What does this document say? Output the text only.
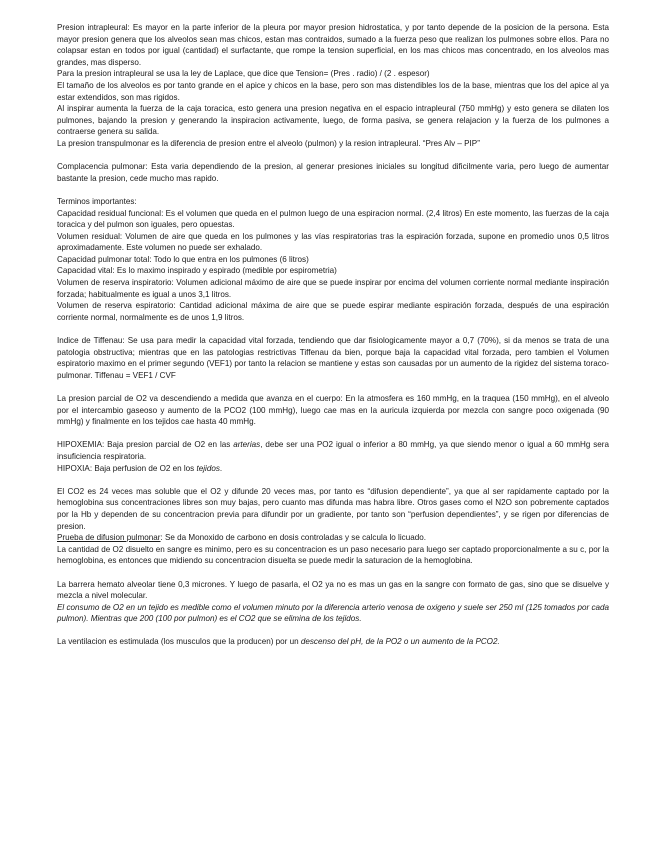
Presion intrapleural: Es mayor en la parte inferior de la pleura por mayor presion hidrostatica, y por tanto depende de la posicion de la persona. Esta mayor presion genera que los alveolos sean mas chicos, estan mas contraidos, sumado a la fuerza peso que realizan los pulmones sobre ellos. Para no colapsar estan en todos por igual (cantidad) el surfactante, que rompe la tension superficial, en los mas chicos mas concentrado, en los alveolos mas grandes, mas disperso.

Para la presion intrapleural se usa la ley de Laplace, que dice que Tension= (Pres . radio) / (2 . espesor)

El tamaño de los alveolos es por tanto grande en el apice y chicos en la base, pero son mas distendibles los de la base, mientras que los del apice al ya estar extendidos, son mas rigidos.

Al inspirar aumenta la fuerza de la caja toracica, esto genera una presion negativa en el espacio intrapleural (750 mmHg) y esto genera se dilaten los pulmones, bajando la presion y generando la inspiracion activamente, luego, de forma pasiva, se genera relajacion y la fuerza de los pulmones a contraerse genera su salida.

La presion transpulmonar es la diferencia de presion entre el alveolo (pulmon) y la resion intrapleural. “Pres Alv – PIP”

Complacencia pulmonar: Esta varia dependiendo de la presion, al generar presiones iniciales su longitud dificilmente varia, pero luego de aumentar bastante la presion, cede mucho mas rapido.

Terminos importantes:

Capacidad residual funcional: Es el volumen que queda en el pulmon luego de una espiracion normal. (2,4 litros) En este momento, las fuerzas de la caja toracica y del pulmon son iguales, pero opuestas.

Volumen residual: Volumen de aire que queda en los pulmones y las vías respiratorias tras la espiración forzada, supone en promedio unos 0,5 litros aproximadamente. Este volumen no puede ser exhalado.

Capacidad pulmonar total: Todo lo que entra en los pulmones (6 litros)

Capacidad vital: Es lo maximo inspirado y espirado (medible por espirometria)

Volumen de reserva inspiratorio: Volumen adicional máximo de aire que se puede inspirar por encima del volumen corriente normal mediante inspiración forzada; habitualmente es igual a unos 3,1 litros.

Volumen de reserva espiratorio: Cantidad adicional máxima de aire que se puede espirar mediante espiración forzada, después de una espiración corriente normal, normalmente es de unos 1,9 litros.

Indice de Tiffenau: Se usa para medir la capacidad vital forzada, tendiendo que dar fisiologicamente mayor a 0,7 (70%), si da menos se trata de una patologia obstructiva; mientras que en las patologias restrictivas Tiffenau da bien, porque baja la capacidad vital forzada, pero tambien el Volumen espiratorio maximo en el primer segundo (VEF1) por tanto la relacion se mantiene y estas son causadas por un aumento de la rigidez del sistema toraco-pulmonar. Tiffenau = VEF1 / CVF

La presion parcial de O2 va descendiendo a medida que avanza en el cuerpo: En la atmosfera es 160 mmHg, en la traquea (150 mmHg), en el alveolo por el intercambio gaseoso y aumento de la PCO2 (100 mmHg), luego cae mas en la auricula izquierda por mezcla con sangre poco oxigenada (90 mmHg) y finalmente en los tejidos cae hasta 40 mmHg.

HIPOXEMIA: Baja presion parcial de O2 en las arterias, debe ser una PO2 igual o inferior a 80 mmHg, ya que siendo menor o igual a 60 mmHg sera insuficiencia respiratoria.

HIPOXIA: Baja perfusion de O2 en los tejidos.

El CO2 es 24 veces mas soluble que el O2 y difunde 20 veces mas, por tanto es “difusion dependiente”, ya que al ser rapidamente captado por la hemoglobina sus concentraciones libres son muy bajas, pero cuanto mas difunda mas habra libre. Otros gases como el N2O son pobremente captados por la Hb y dependen de su concentracion previa para difundir por un gradiente, por tanto son “perfusion dependientes”, y se rigen por diferencias de presion.

Prueba de difusion pulmonar: Se da Monoxido de carbono en dosis controladas y se calcula lo licuado.

La cantidad de O2 disuelto en sangre es minimo, pero es su concentracion es un paso necesario para luego ser captado proporcionalmente a su c, por la hemoglobina, es entonces que midiendo su concentracion disuelta se puede medir la saturacion de la hemoglobina.

La barrera hemato alveolar tiene 0,3 micrones. Y luego de pasarla, el O2 ya no es mas un gas en la sangre con formato de gas, sino que se disuelve y mezcla a nivel molecular.

El consumo de O2 en un tejido es medible como el volumen minuto por la diferencia arterio venosa de oxigeno y suele ser 250 ml (125 tomados por cada pulmon). Mientras que 200 (100 por pulmon) es el CO2 que se elimina de los tejidos.

La ventilacion es estimulada (los musculos que la producen) por un descenso del pH, de la PO2 o un aumento de la PCO2.
